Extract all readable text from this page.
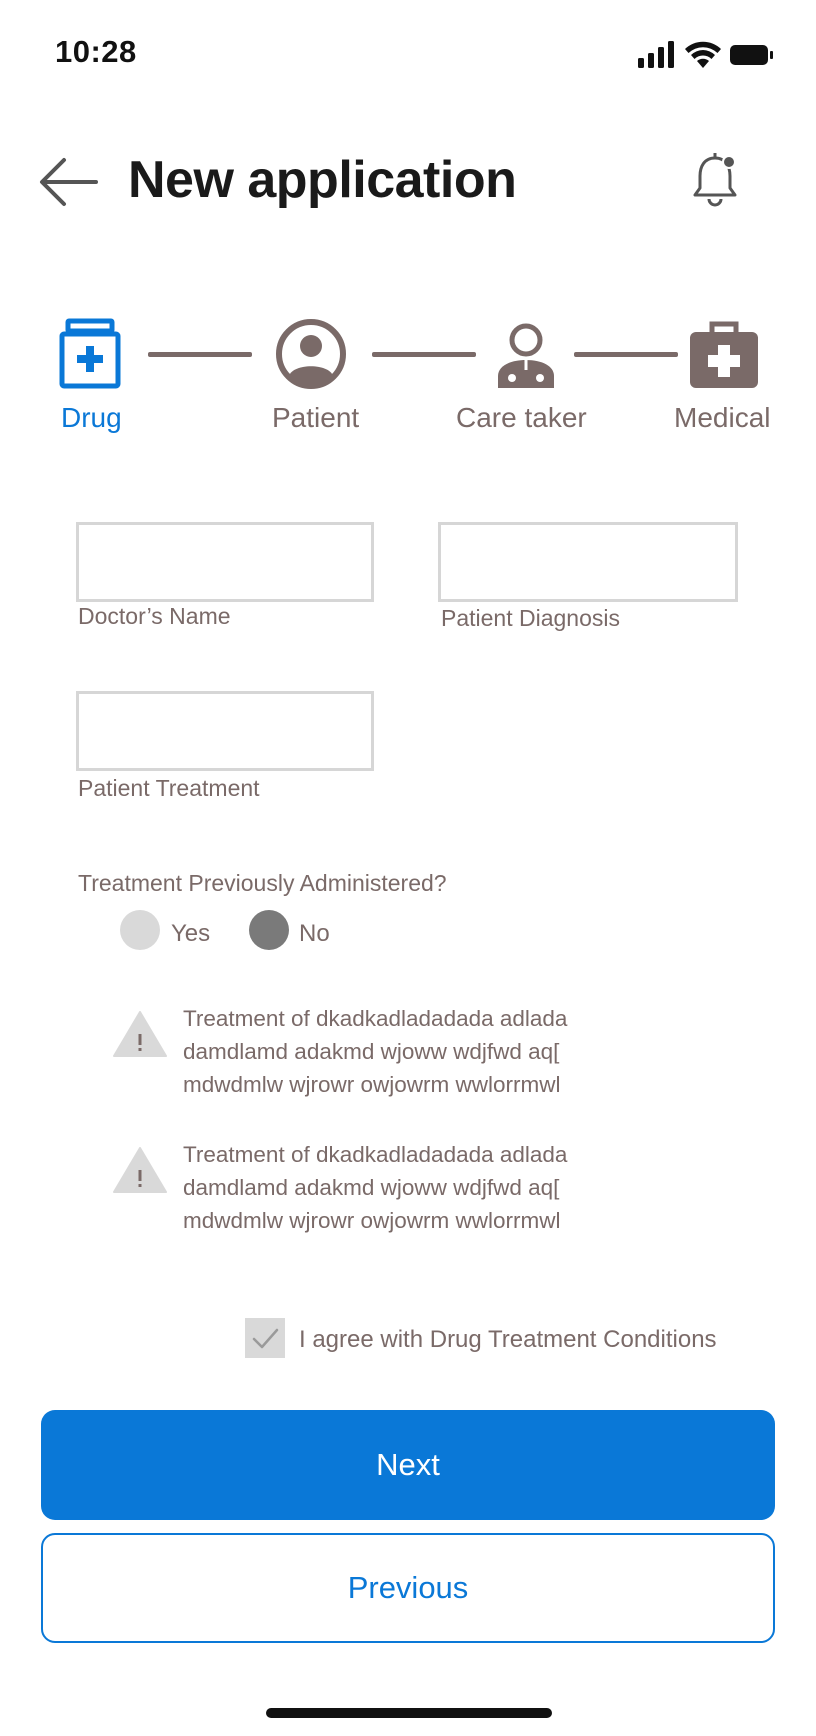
10:28
New application
Drug	Patient	Care taker	Medical
Doctor’s Name	Patient Diagnosis
Patient Treatment
Treatment Previously Administered?
Yes	No
Treatment of dkadkadladadada adlada
damdlamd adakmd wjoww wdjfwd aq[
mdwdmlw wjrowr owjowrm wwlorrmwl
Treatment of dkadkadladadada adlada
damdlamd adakmd wjoww wdjfwd aq[
mdwdmlw wjrowr owjowrm wwlorrmwl
I agree with Drug Treatment Conditions
Next
Previous
